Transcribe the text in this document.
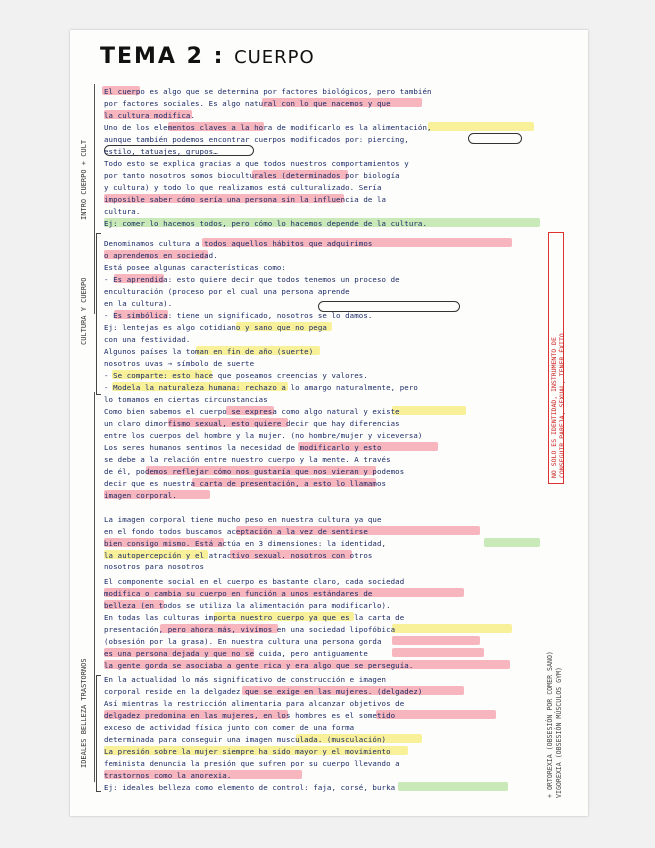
TEMA 2 : CUERPO
INTRO CUERPO + CULT
CULTURA Y CUERPO
IDEALES BELLEZA TRASTORNOS
NO SOLO ES IDENTIDAD, INSTRUMENTO DE CONSEGUIR PAREJA, SEXUAL, TENER ÉXITO
+ ORTOREXIA (OBSESIÓN POR COMER SANO) VIGOREXIA (OBSESIÓN MÚSCULOS GYM)
El cuerpo es algo que se determina por factores biológicos, pero también
por factores sociales. Es algo natural con lo que nacemos y que
la cultura modifica.
Uno de los elementos claves a la hora de modificarlo es la alimentación,
aunque también podemos encontrar cuerpos modificados por: piercing,
estilo, tatuajes, grupos…
Todo esto se explica gracias a que todos nuestros comportamientos y
por tanto nosotros somos bioculturales (determinados por biología
y cultura) y todo lo que realizamos está culturalizado. Sería
imposible saber cómo sería una persona sin la influencia de la
cultura.
Ej: comer lo hacemos todos, pero cómo lo hacemos depende de la cultura.
Denominamos cultura a todos aquellos hábitos que adquirimos
o aprendemos en sociedad.
Está posee algunas características como:
- Es aprendida: esto quiere decir que todos tenemos un proceso de
enculturación (proceso por el cual una persona aprende
en la cultura).
- Es simbólica: tiene un significado, nosotros se lo damos.
Ej: lentejas es algo cotidiano y sano que no pega
con una festividad.
Algunos países la toman en fin de año (suerte)
nosotros uvas → símbolo de suerte
- Se comparte: esto hace que poseamos creencias y valores.
- Modela la naturaleza humana: rechazo a lo amargo naturalmente, pero
lo tomamos en ciertas circunstancias
Como bien sabemos el cuerpo se expresa como algo natural y existe
un claro dimorfismo sexual, esto quiere decir que hay diferencias
entre los cuerpos del hombre y la mujer. (no hombre/mujer y viceversa)
Los seres humanos sentimos la necesidad de modificarlo y esto
se debe a la relación entre nuestro cuerpo y la mente. A través
de él, podemos reflejar cómo nos gustaría que nos vieran y podemos
decir que es nuestra carta de presentación, a esto lo llamamos
imagen corporal.
La imagen corporal tiene mucho peso en nuestra cultura ya que
en el fondo todos buscamos aceptación a la vez de sentirse
bien consigo mismo. Está actúa en 3 dimensiones: la identidad,
la autopercepción y el atractivo sexual. nosotros con otros
nosotros para nosotros
El componente social en el cuerpo es bastante claro, cada sociedad
modifica o cambia su cuerpo en función a unos estándares de
belleza (en todos se utiliza la alimentación para modificarlo).
En todas las culturas importa nuestro cuerpo ya que es la carta de
presentación, pero ahora más, vivimos en una sociedad lipofóbica
(obsesión por la grasa). En nuestra cultura una persona gorda
es una persona dejada y que no se cuida, pero antiguamente
la gente gorda se asociaba a gente rica y era algo que se perseguía.
En la actualidad lo más significativo de construcción e imagen
corporal reside en la delgadez que se exige en las mujeres. (delgadez)
Así mientras la restricción alimentaria para alcanzar objetivos de
delgadez predomina en las mujeres, en los hombres es el sometido
exceso de actividad física junto con comer de una forma
determinada para conseguir una imagen musculada. (musculación)
La presión sobre la mujer siempre ha sido mayor y el movimiento
feminista denuncia la presión que sufren por su cuerpo llevando a
trastornos como la anorexia.
Ej: ideales belleza como elemento de control: faja, corsé, burka
